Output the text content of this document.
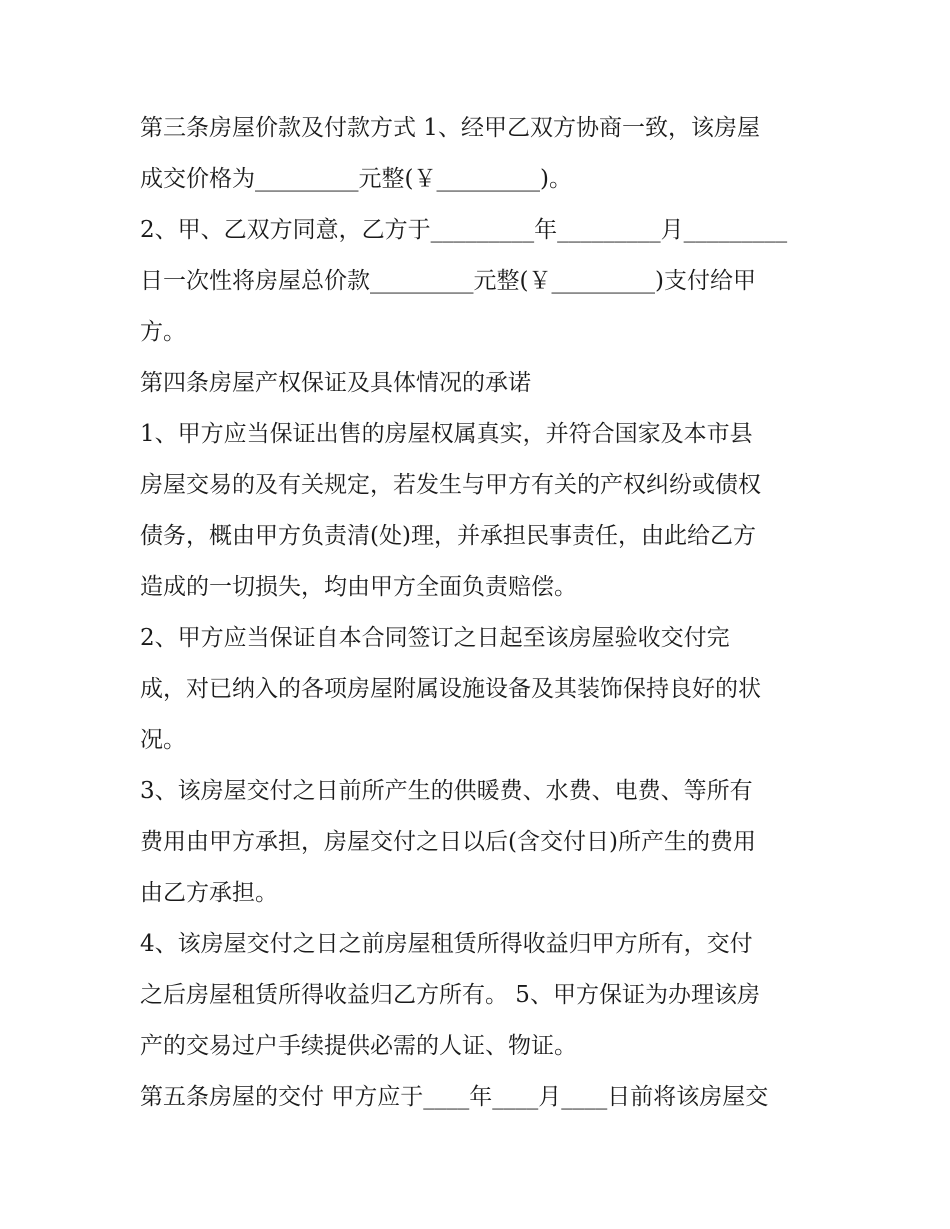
第三条房屋价款及付款方式 1、经甲乙双方协商一致，该房屋
成交价格为_________元整(￥_________)。

2、甲、乙双方同意，乙方于_________年_________月_________
日一次性将房屋总价款_________元整(￥_________)支付给甲
方。

第四条房屋产权保证及具体情况的承诺

1、甲方应当保证出售的房屋权属真实，并符合国家及本市县
房屋交易的及有关规定，若发生与甲方有关的产权纠纷或债权
债务，概由甲方负责清(处)理，并承担民事责任，由此给乙方
造成的一切损失，均由甲方全面负责赔偿。

2、甲方应当保证自本合同签订之日起至该房屋验收交付完
成，对已纳入的各项房屋附属设施设备及其装饰保持良好的状
况。

3、该房屋交付之日前所产生的供暖费、水费、电费、等所有
费用由甲方承担，房屋交付之日以后(含交付日)所产生的费用
由乙方承担。

4、该房屋交付之日之前房屋租赁所得收益归甲方所有，交付
之后房屋租赁所得收益归乙方所有。 5、甲方保证为办理该房
产的交易过户手续提供必需的人证、物证。

第五条房屋的交付 甲方应于____年____月____日前将该房屋交
